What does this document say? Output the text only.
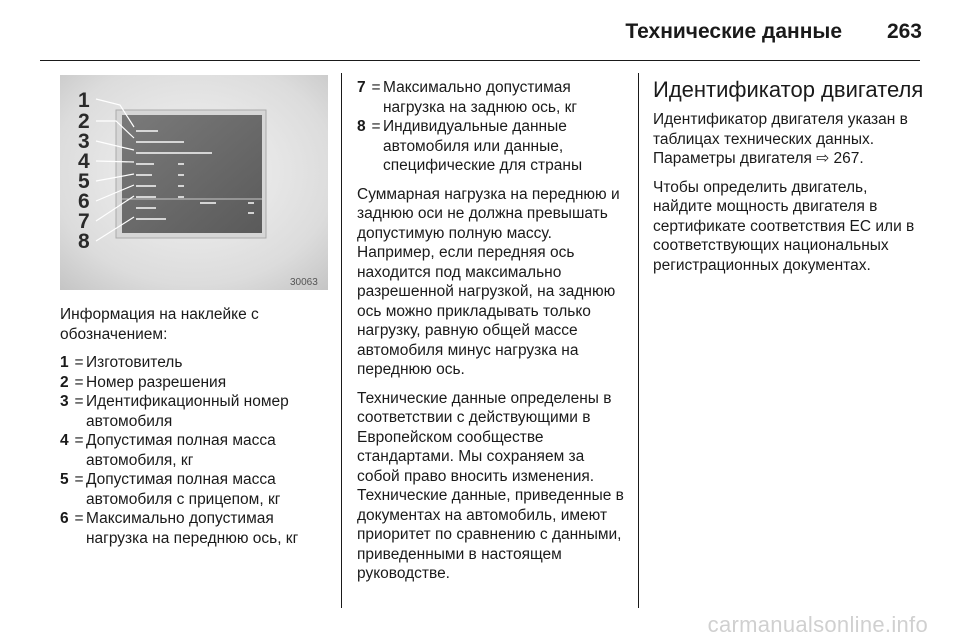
Технические данные 263
1
2
3
4
5
6
7
8
30063

Информация на наклейке с обозначением:

1 = Изготовитель
2 = Номер разрешения
3 = Идентификационный номер автомобиля
4 = Допустимая полная масса автомобиля, кг
5 = Допустимая полная масса автомобиля с прицепом, кг
6 = Максимально допустимая нагрузка на переднюю ось, кг
7 = Максимально допустимая нагрузка на заднюю ось, кг
8 = Индивидуальные данные автомобиля или данные, специфические для страны

Суммарная нагрузка на переднюю и заднюю оси не должна превышать допустимую полную массу. Например, если передняя ось находится под максимально разрешенной нагрузкой, на заднюю ось можно прикладывать только нагрузку, равную общей массе автомобиля минус нагрузка на переднюю ось.

Технические данные определены в соответствии с действующими в Европейском сообществе стандартами. Мы сохраняем за собой право вносить изменения. Технические данные, приведенные в документах на автомобиль, имеют приоритет по сравнению с данными, приведенными в настоящем руководстве.

Идентификатор двигателя

Идентификатор двигателя указан в таблицах технических данных. Параметры двигателя ⇨ 267.

Чтобы определить двигатель, найдите мощность двигателя в сертификате соответствия ЕС или в соответствующих национальных регистрационных документах.

carmanualsonline.info
